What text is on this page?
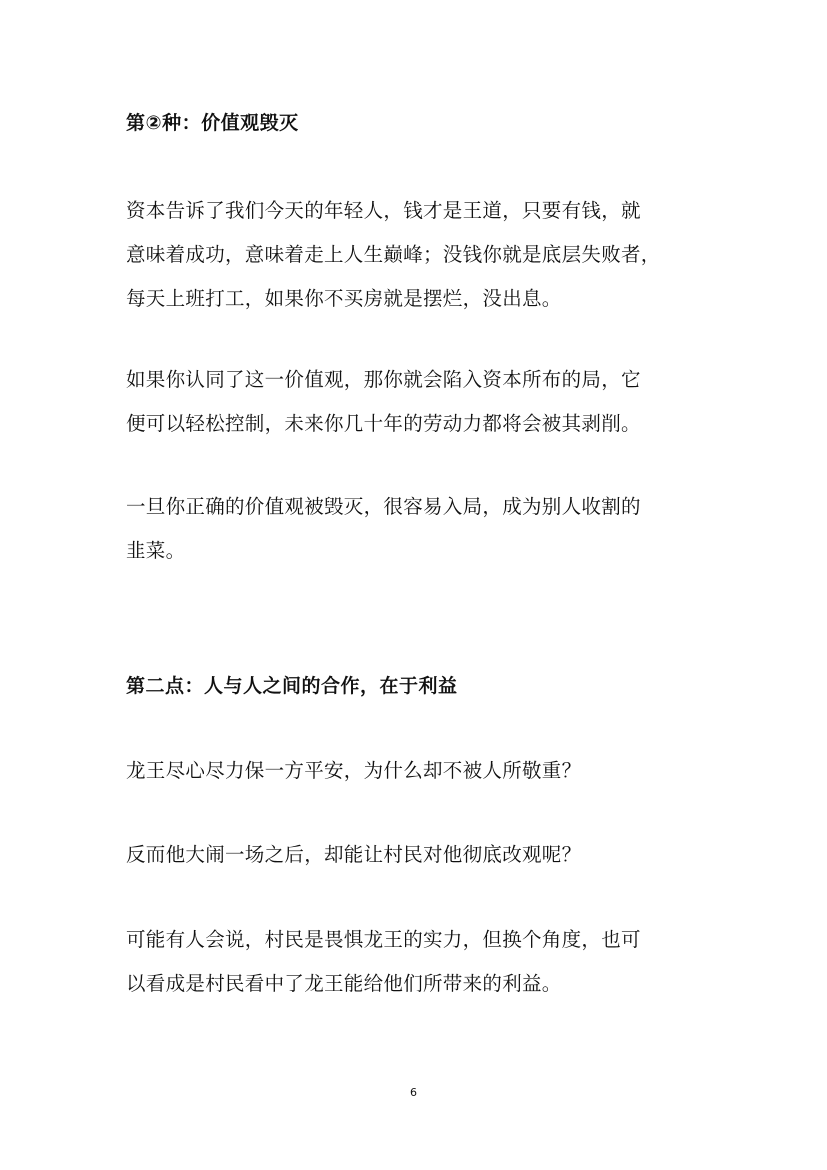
第②种：价值观毁灭
资本告诉了我们今天的年轻人，钱才是王道，只要有钱，就
意味着成功，意味着走上人生巅峰；没钱你就是底层失败者，
每天上班打工，如果你不买房就是摆烂，没出息。
如果你认同了这一价值观，那你就会陷入资本所布的局，它
便可以轻松控制，未来你几十年的劳动力都将会被其剥削。
一旦你正确的价值观被毁灭，很容易入局，成为别人收割的
韭菜。
第二点：人与人之间的合作，在于利益
龙王尽心尽力保一方平安，为什么却不被人所敬重？
反而他大闹一场之后，却能让村民对他彻底改观呢？
可能有人会说，村民是畏惧龙王的实力，但换个角度，也可
以看成是村民看中了龙王能给他们所带来的利益。
6
